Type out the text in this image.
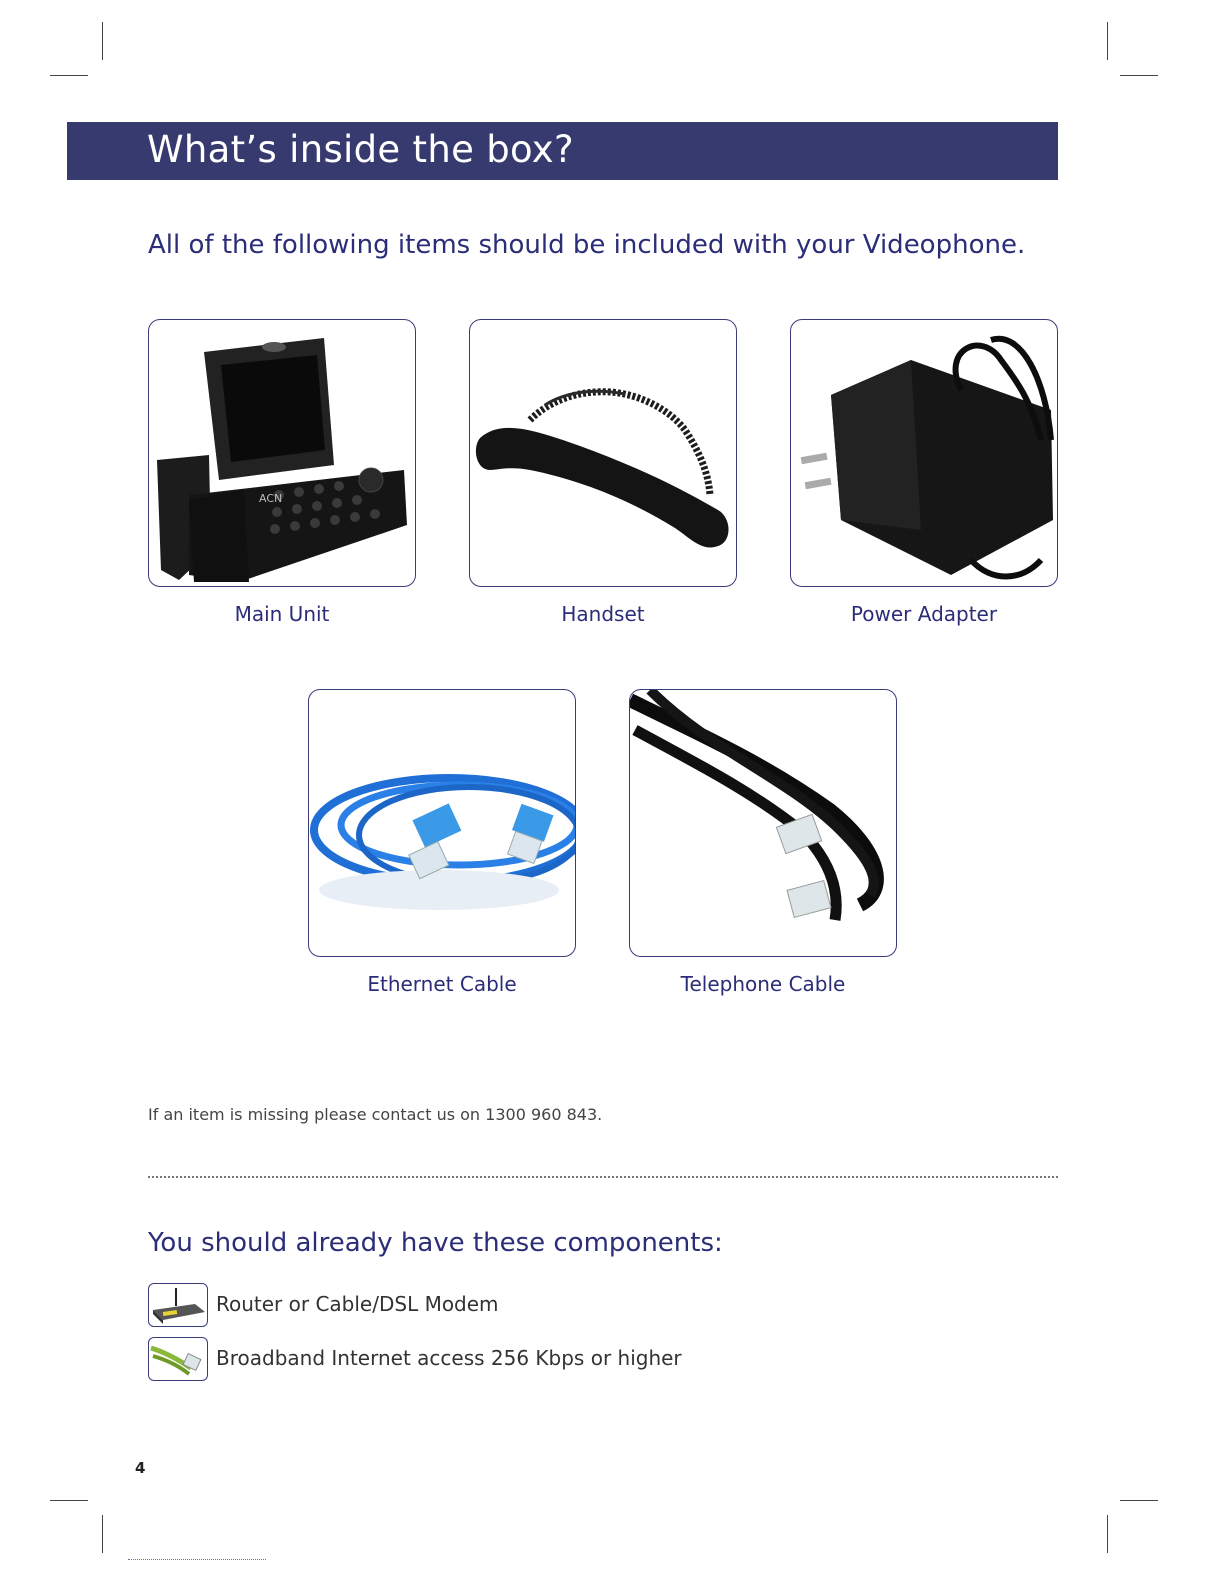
What’s inside the box?
All of the following items should be included with your Videophone.
ACN
Main Unit	Handset	Power Adapter
Ethernet Cable	Telephone Cable
If an item is missing please contact us on 1300 960 843.
You should already have these components:
Router or Cable/DSL Modem
Broadband Internet access 256 Kbps or higher
4
